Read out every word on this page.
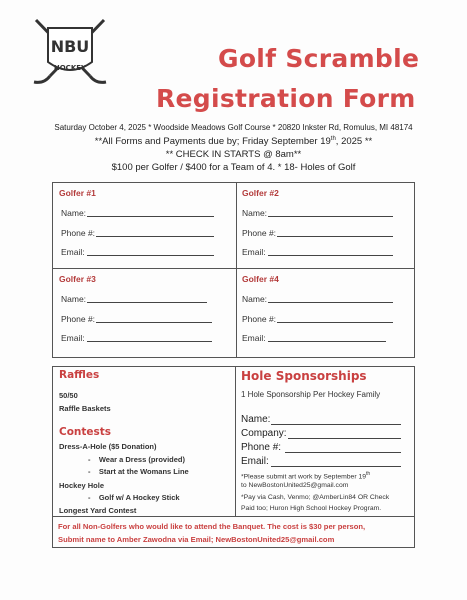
NBU
HOCKEY	Golf Scramble
Registration Form
Saturday October 4, 2025 * Woodside Meadows Golf Course * 20820 Inkster Rd, Romulus, MI 48174
**All Forms and Payments due by; Friday September 19th, 2025 **
** CHECK IN STARTS @ 8am**
$100 per Golfer / $400 for a Team of 4. * 18- Holes of Golf
Golfer #1
Name:
Phone #:
Email:
Golfer #2
Name:
Phone #:
Email:
Golfer #3
Name:
Phone #:
Email:
Golfer #4
Name:
Phone #:
Email:
Raffles
50/50
Raffle Baskets
Contests
Dress-A-Hole ($5 Donation)
-    Wear a Dress (provided)
-    Start at the Womans Line
Hockey Hole
-    Golf w/ A Hockey Stick
Longest Yard Contest
Hole Sponsorships
1 Hole Sponsorship Per Hockey Family
Name:
Company:
Phone #:
Email:
*Please submit art work by September 19th
to NewBostonUnited25@gmail.com
*Pay via Cash, Venmo; @AmberLin84 OR Check
Paid too; Huron High School Hockey Program.
For all Non-Golfers who would like to attend the Banquet. The cost is $30 per person,
Submit name to Amber Zawodna via Email; NewBostonUnited25@gmail.com
